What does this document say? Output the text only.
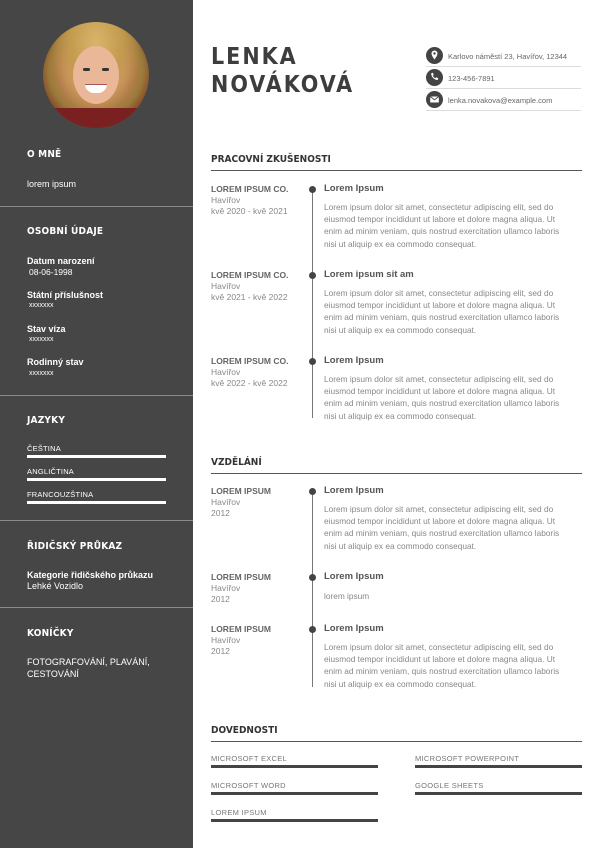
O MNĚ
lorem ipsum
OSOBNÍ ÚDAJE
Datum narození
08-06-1998
Státní příslušnost
xxxxxxx
Stav víza
xxxxxxx
Rodinný stav
xxxxxxx
JAZYKY
ČEŠTINA
ANGLIČTINA
FRANCOUZŠTINA
ŘIDIČSKÝ PRŮKAZ
Kategorie řidičského průkazu
Lehké Vozidlo
KONÍČKY
FOTOGRAFOVÁNÍ, PLAVÁNÍ,
CESTOVÁNÍ
LENKA
NOVÁKOVÁ
Karlovo náměstí 23, Havířov, 12344
123-456-7891
lenka.novakova@example.com
PRACOVNÍ ZKUŠENOSTI
LOREM IPSUM CO.
Havířov
kvě 2020 - kvě 2021
Lorem Ipsum
Lorem ipsum dolor sit amet, consectetur adipiscing elit, sed do
eiusmod tempor incididunt ut labore et dolore magna aliqua. Ut
enim ad minim veniam, quis nostrud exercitation ullamco laboris
nisi ut aliquip ex ea commodo consequat.
LOREM IPSUM CO.
Havířov
kvě 2021 - kvě 2022
Lorem ipsum sit am
Lorem ipsum dolor sit amet, consectetur adipiscing elit, sed do
eiusmod tempor incididunt ut labore et dolore magna aliqua. Ut
enim ad minim veniam, quis nostrud exercitation ullamco laboris
nisi ut aliquip ex ea commodo consequat.
LOREM IPSUM CO.
Havířov
kvě 2022 - kvě 2022
Lorem Ipsum
Lorem ipsum dolor sit amet, consectetur adipiscing elit, sed do
eiusmod tempor incididunt ut labore et dolore magna aliqua. Ut
enim ad minim veniam, quis nostrud exercitation ullamco laboris
nisi ut aliquip ex ea commodo consequat.
VZDĚLÁNÍ
LOREM IPSUM
Havířov
2012
Lorem Ipsum
Lorem ipsum dolor sit amet, consectetur adipiscing elit, sed do
eiusmod tempor incididunt ut labore et dolore magna aliqua. Ut
enim ad minim veniam, quis nostrud exercitation ullamco laboris
nisi ut aliquip ex ea commodo consequat.
LOREM IPSUM
Havířov
2012
Lorem Ipsum
lorem ipsum
LOREM IPSUM
Havířov
2012
Lorem Ipsum
Lorem ipsum dolor sit amet, consectetur adipiscing elit, sed do
eiusmod tempor incididunt ut labore et dolore magna aliqua. Ut
enim ad minim veniam, quis nostrud exercitation ullamco laboris
nisi ut aliquip ex ea commodo consequat.
DOVEDNOSTI
MICROSOFT EXCEL	MICROSOFT POWERPOINT
MICROSOFT WORD	GOOGLE SHEETS
LOREM IPSUM
